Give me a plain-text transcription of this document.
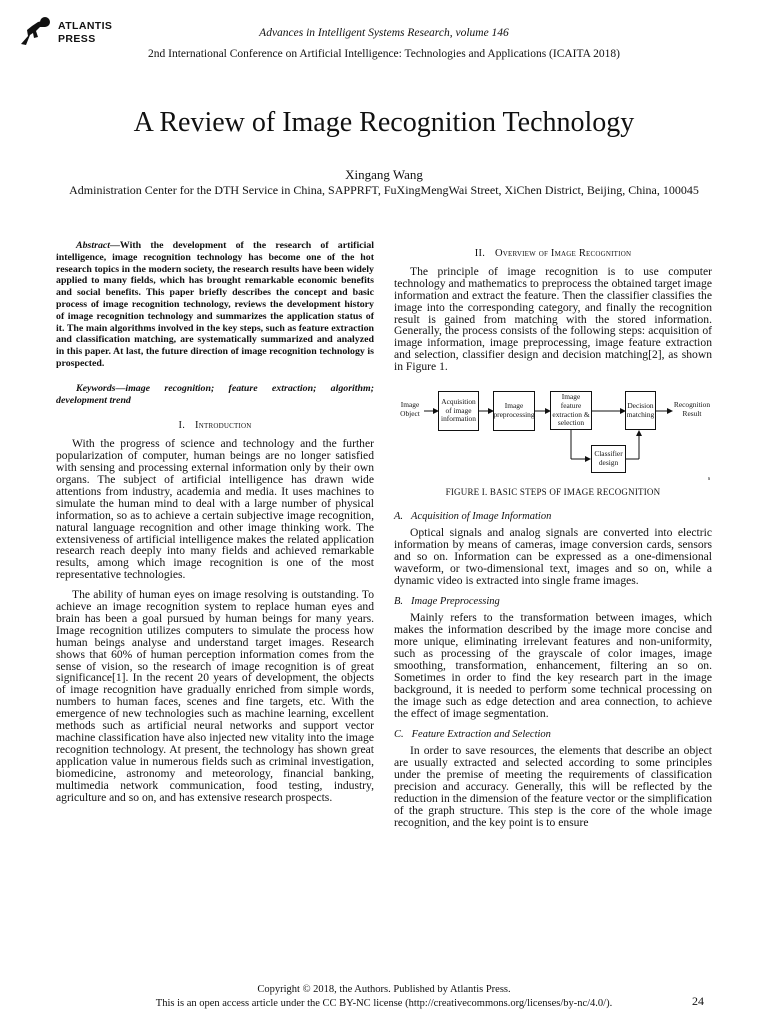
ATLANTIS
PRESS	Advances in Intelligent Systems Research, volume 146
2nd International Conference on Artificial Intelligence: Technologies and Applications (ICAITA 2018)
A Review of Image Recognition Technology
Xingang Wang
Administration Center for the DTH Service in China, SAPPRFT, FuXingMengWai Street, XiChen District, Beijing, China, 100045
Abstract—With the development of the research of artificial intelligence, image recognition technology has become one of the hot research topics in the modern society, the research results have been widely applied to many fields, which has brought remarkable economic benefits and social benefits. This paper briefly describes the concept and basic process of image recognition technology, reviews the development history of image recognition technology and summarizes the application status of it. The main algorithms involved in the key steps, such as feature extraction and classification matching, are systematically summarized and analyzed in this paper. At last, the future direction of image recognition technology is prospected.
Keywords—image recognition; feature extraction; algorithm; development trend
I. Introduction

With the progress of science and technology and the further popularization of computer, human beings are no longer satisfied with sensing and processing external information only by their own organs. The subject of artificial intelligence has drawn wide attentions from industry, academia and media. It uses machines to simulate the human mind to deal with a large number of physical information, so as to achieve a certain subjective image recognition, natural language recognition and other image thinking work. The extensiveness of artificial intelligence makes the related application research reach deeply into many fields and achieved remarkable results, among which image recognition is one of the most representative technologies.

The ability of human eyes on image resolving is outstanding. To achieve an image recognition system to replace human eyes and brain has been a goal pursued by human beings for many years. Image recognition utilizes computers to simulate the process how human beings analyse and understand target images. Research shows that 60% of human perception information comes from the sense of vision, so the research of image recognition is of great significance[1]. In the recent 20 years of development, the objects of image recognition have gradually enriched from simple words, numbers to human faces, scenes and fine targets, etc. With the emergence of new technologies such as machine learning, excellent methods such as artificial neural networks and support vector machine classification have also injected new vitality into the image recognition technology. At present, the technology has shown great application value in numerous fields such as criminal investigation, biomedicine, astronomy and meteorology, financial banking, multimedia network communication, food testing, industry, agriculture and so on, and has extensive research prospects.

II. Overview of Image Recognition

The principle of image recognition is to use computer technology and mathematics to preprocess the obtained target image information and extract the feature. Then the classifier classifies the image into the corresponding category, and finally the recognition result is gained from matching with the stored information. Generally, the process consists of the following steps: acquisition of image information, image preprocessing, image feature extraction and selection, classifier design and decision matching[2], as shown in Figure 1.

Image
Object
Acquisition
of image
information
Image
preprocessing
Image feature
extraction &
selection
Decision
matching
Recognition
Result
Classifier
design
s
FIGURE I. BASIC STEPS OF IMAGE RECOGNITION
A. Acquisition of Image Information

Optical signals and analog signals are converted into electric information by means of cameras, image conversion cards, sensors and so on. Information can be expressed as a one-dimensional waveform, or two-dimensional text, images and so on, while a dynamic video is extracted into single frame images.

B. Image Preprocessing

Mainly refers to the transformation between images, which makes the information described by the image more concise and more unique, eliminating irrelevant features and non-uniformity, such as processing of the grayscale of color images, image smoothing, transformation, enhancement, filtering an so on. Sometimes in order to find the key research part in the image background, it is needed to perform some technical processing on the image such as edge detection and area connection, to achieve the effect of image segmentation.

C. Feature Extraction and Selection

In order to save resources, the elements that describe an object are usually extracted and selected according to some principles under the premise of meeting the requirements of classification precision and accuracy. Generally, this will be reflected by the reduction in the dimension of the feature vector or the simplification of the graph structure. This step is the core of the whole image recognition, and the key point is to ensure

Copyright © 2018, the Authors. Published by Atlantis Press.
This is an open access article under the CC BY-NC license (http://creativecommons.org/licenses/by-nc/4.0/).	24
